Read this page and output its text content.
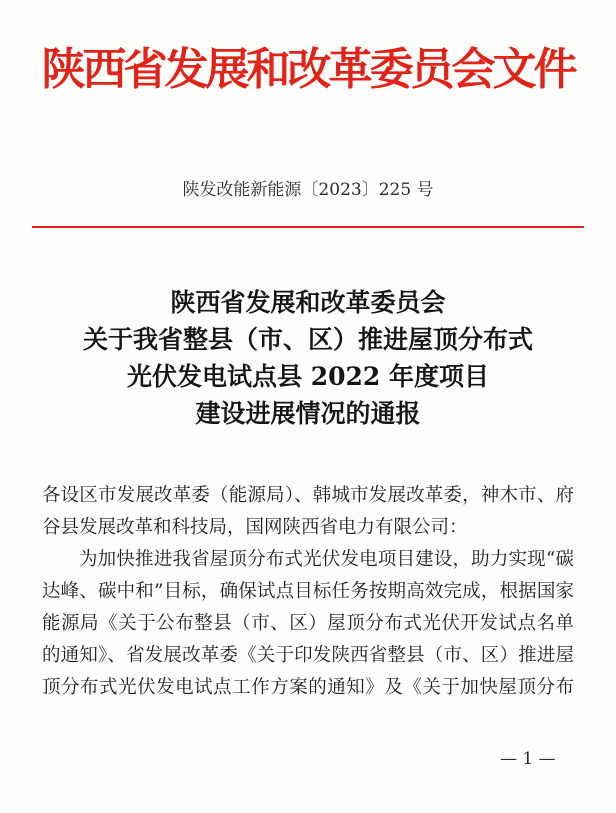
陕西省发展和改革委员会文件
陕发改能新能源〔2023〕225 号
陕西省发展和改革委员会
关于我省整县（市、区）推进屋顶分布式
光伏发电试点县 2022 年度项目
建设进展情况的通报
各设区市发展改革委（能源局）、韩城市发展改革委，神木市、府
谷县发展改革和科技局，国网陕西省电力有限公司：
为加快推进我省屋顶分布式光伏发电项目建设，助力实现“碳
达峰、碳中和”目标，确保试点目标任务按期高效完成，根据国家
能源局《关于公布整县（市、区）屋顶分布式光伏开发试点名单
的通知》、省发展改革委《关于印发陕西省整县（市、区）推进屋
顶分布式光伏发电试点工作方案的通知》及《关于加快屋顶分布
— 1 —
